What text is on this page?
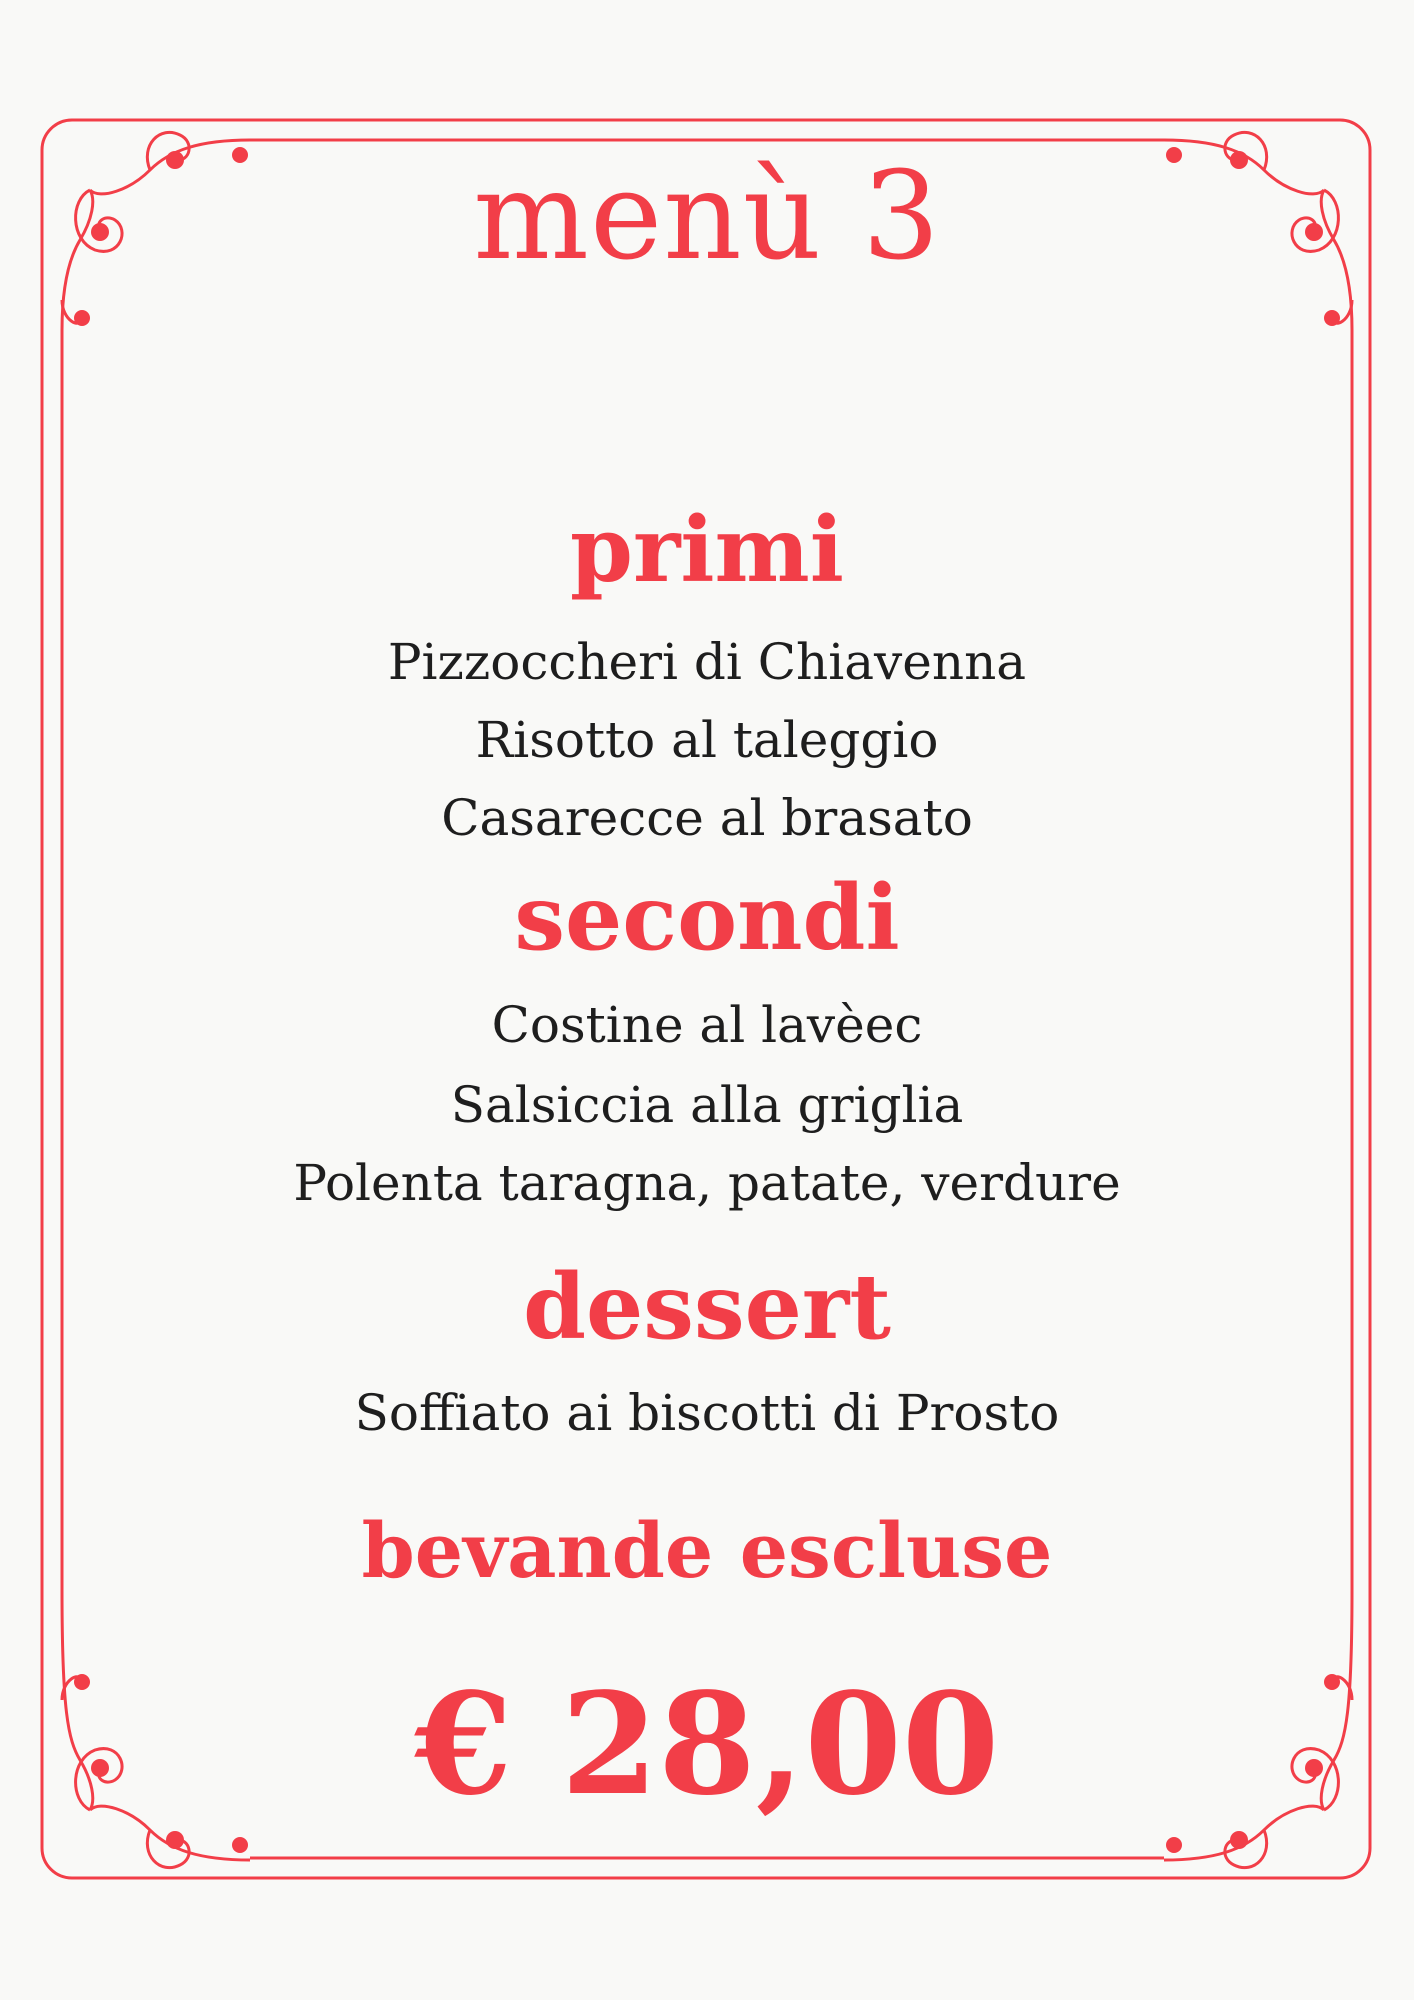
menù 3
primi
Pizzoccheri di Chiavenna
Risotto al taleggio
Casarecce al brasato
secondi
Costine al lavèec
Salsiccia alla griglia
Polenta taragna, patate, verdure
dessert
Soffiato ai biscotti di Prosto
bevande escluse
€ 28,00
